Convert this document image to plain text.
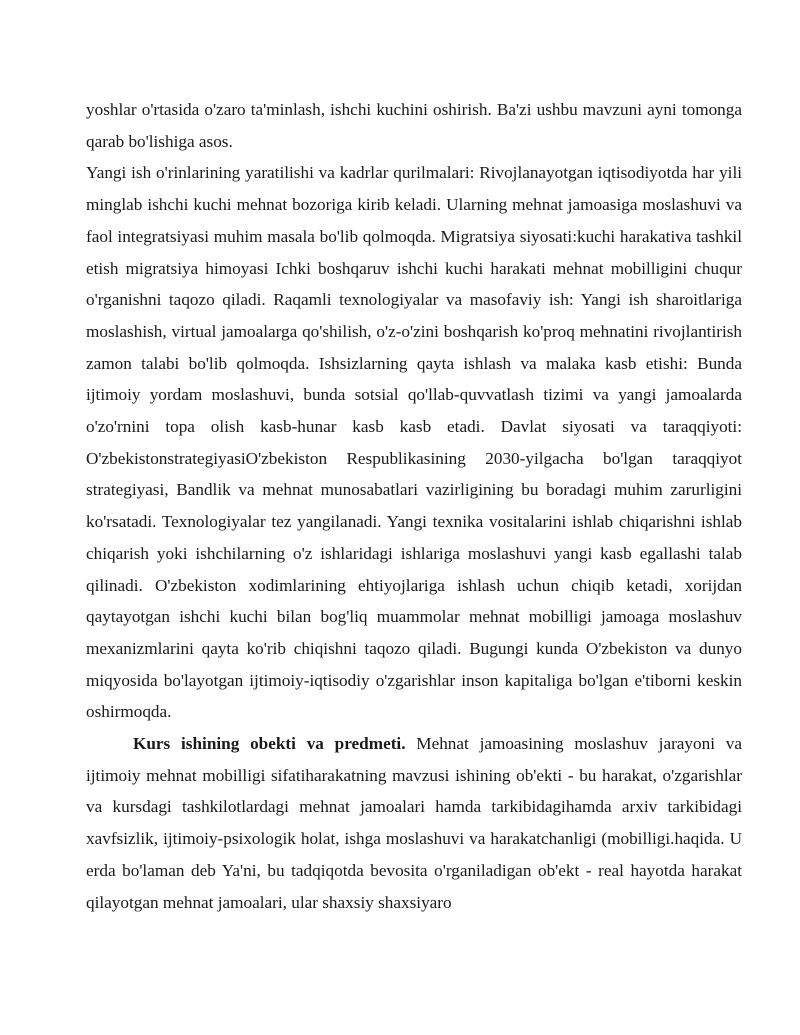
yoshlar o'rtasida o'zaro ta'minlash, ishchi kuchini oshirish. Ba'zi ushbu mavzuni ayni tomonga qarab bo'lishiga asos.

Yangi ish o'rinlarining yaratilishi va kadrlar qurilmalari: Rivojlanayotgan iqtisodiyotda har yili minglab ishchi kuchi mehnat bozoriga kirib keladi. Ularning mehnat jamoasiga moslashuvi va faol integratsiyasi muhim masala bo'lib qolmoqda. Migratsiya siyosati:kuchi harakativa tashkil etish migratsiya himoyasi Ichki boshqaruv ishchi kuchi harakati mehnat mobilligini chuqur o'rganishni taqozo qiladi. Raqamli texnologiyalar va masofaviy ish: Yangi ish sharoitlariga moslashish, virtual jamoalarga qo'shilish, o'z-o'zini boshqarish ko'proq mehnatini rivojlantirish zamon talabi bo'lib qolmoqda. Ishsizlarning qayta ishlash va malaka kasb etishi: Bunda ijtimoiy yordam moslashuvi, bunda sotsial qo'llab-quvvatlash tizimi va yangi jamoalarda o'zo'rnini topa olish kasb-hunar kasb kasb etadi. Davlat siyosati va taraqqiyoti: O'zbekistonstrategiyasiO'zbekiston Respublikasining 2030-yilgacha bo'lgan taraqqiyot strategiyasi, Bandlik va mehnat munosabatlari vazirligining bu boradagi muhim zarurligini ko'rsatadi. Texnologiyalar tez yangilanadi. Yangi texnika vositalarini ishlab chiqarishni ishlab chiqarish yoki ishchilarning o'z ishlaridagi ishlariga moslashuvi yangi kasb egallashi talab qilinadi. O'zbekiston xodimlarining ehtiyojlariga ishlash uchun chiqib ketadi, xorijdan qaytayotgan ishchi kuchi bilan bog'liq muammolar mehnat mobilligi jamoaga moslashuv mexanizmlarini qayta ko'rib chiqishni taqozo qiladi. Bugungi kunda O'zbekiston va dunyo miqyosida bo'layotgan ijtimoiy-iqtisodiy o'zgarishlar inson kapitaliga bo'lgan e'tiborni keskin oshirmoqda.

Kurs ishining obekti va predmeti. Mehnat jamoasining moslashuv jarayoni va ijtimoiy mehnat mobilligi sifatiharakatning mavzusi ishining ob'ekti - bu harakat, o'zgarishlar va kursdagi tashkilotlardagi mehnat jamoalari hamda tarkibidagihamda arxiv tarkibidagi xavfsizlik, ijtimoiy-psixologik holat, ishga moslashuvi va harakatchanligi (mobilligi.haqida. U erda bo'laman deb Ya'ni, bu tadqiqotda bevosita o'rganiladigan ob'ekt - real hayotda harakat qilayotgan mehnat jamoalari, ular shaxsiy shaxsiyaro
